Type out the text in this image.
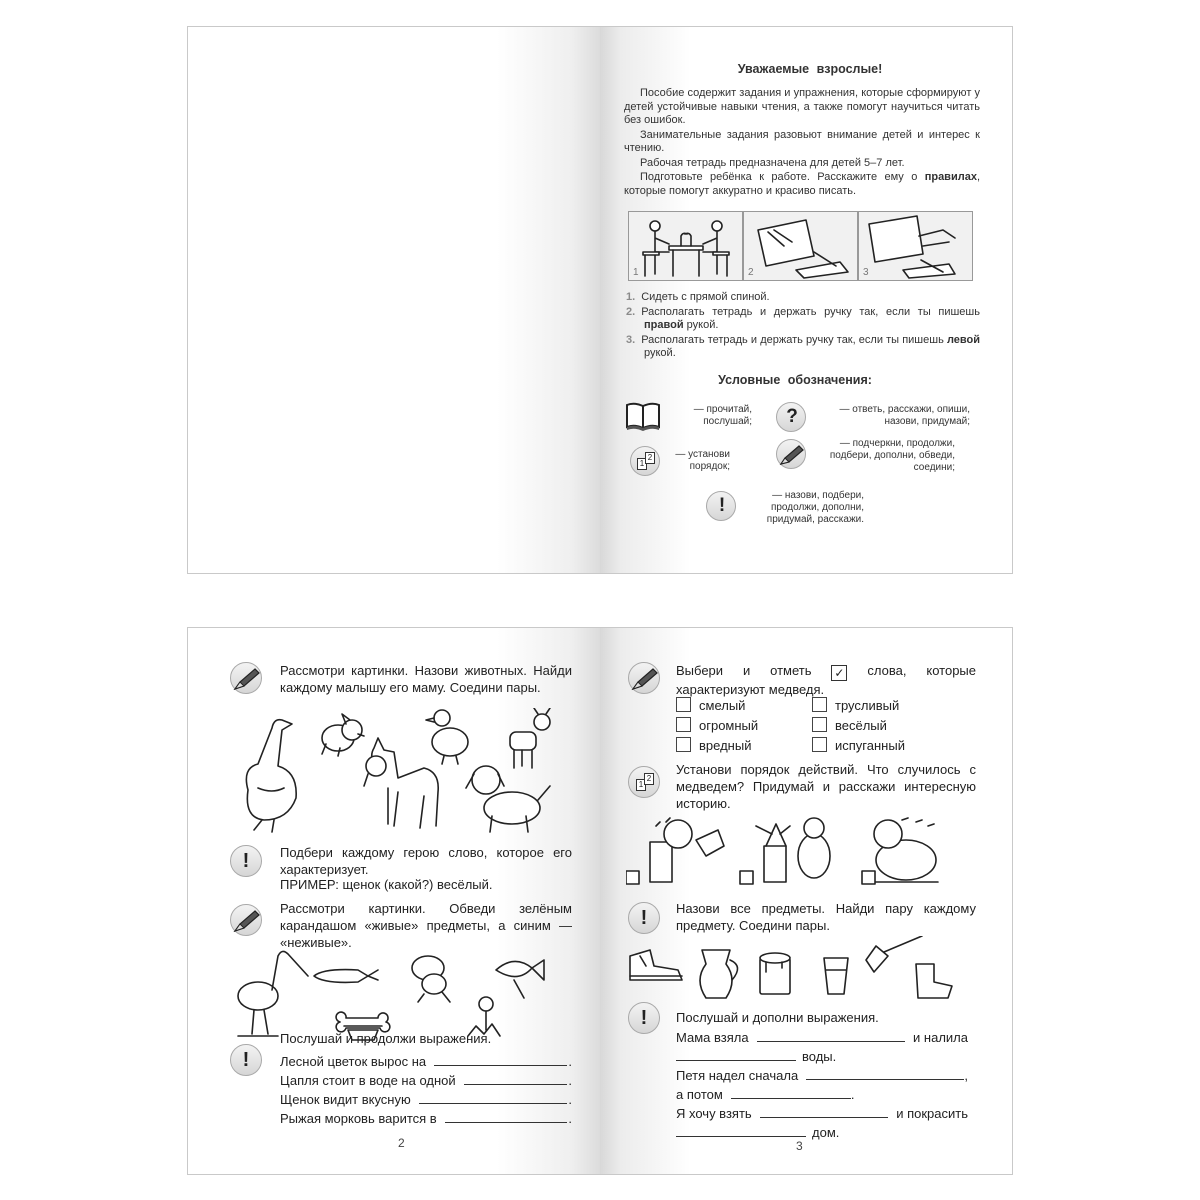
Уважаемые взрослые!
Пособие содержит задания и упражнения, которые сформируют у детей устойчивые навыки чтения, а также помогут научиться читать без ошибок.
Занимательные задания разовьют внимание детей и интерес к чтению.
Рабочая тетрадь предназначена для детей 5–7 лет.
Подготовьте ребёнка к работе. Расскажите ему о правилах, которые помогут аккуратно и красиво писать.
1	2	3
1. Сидеть с прямой спиной.
2. Располагать тетрадь и держать ручку так, если ты пишешь правой рукой.
3. Располагать тетрадь и держать ручку так, если ты пишешь левой рукой.
Условные обозначения:
— прочитай, послушай;	?	— ответь, расскажи, опиши, назови, придумай;
1
2	— установи порядок;
— подчеркни, продолжи, подбери, дополни, обведи, соедини;
!	— назови, подбери, продолжи, дополни, придумай, расскажи.
Рассмотри картинки. Назови животных. Найди каждому малышу его маму. Соедини пары.
!	Подбери каждому герою слово, которое его характеризует.
ПРИМЕР: щенок (какой?) весёлый.
Рассмотри картинки. Обведи зелёным карандашом «живые» предметы, а синим — «неживые».
!
Послушай и продолжи выражения.
Лесной цветок вырос на	.
Цапля стоит в воде на одной	.
Щенок видит вкусную	.
Рыжая морковь варится в	.
2
Выбери и отметь ✓ слова, которые характеризуют медведя.
смелый
огромный
вредный
трусливый
весёлый
испуганный
1
2
Установи порядок действий. Что случилось с медведем? Придумай и расскажи интересную историю.
!	Назови все предметы. Найди пару каждому предмету. Соедини пары.
!	Послушай и дополни выражения.
Мама взяла	и налила
воды.
Петя надел сначала	,
а потом	.
Я хочу взять	и покрасить
дом.
3
